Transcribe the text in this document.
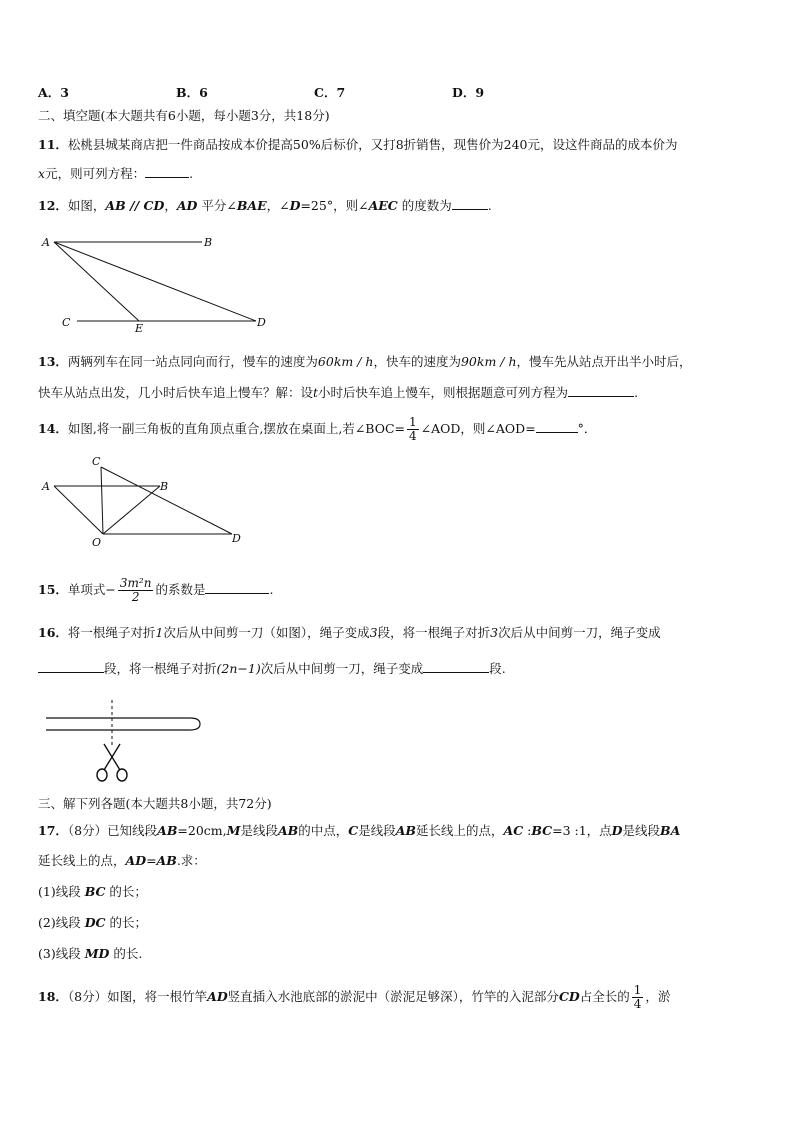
A．3	B．6	C．7	D．9
二、填空题(本大题共有6小题，每小题3分，共18分)
11．松桃县城某商店把一件商品按成本价提高50%后标价，又打8折销售，现售价为240元，设这件商品的成本价为
x元，则可列方程：	.
12．如图，AB // CD，AD 平分∠BAE，∠D=25°，则∠AEC 的度数为	.
A	B
C	E	D
13．两辆列车在同一站点同向而行，慢车的速度为60km / h，快车的速度为90km / h，慢车先从站点开出半小时后，
快车从站点出发，几小时后快车追上慢车？解：设t小时后快车追上慢车，则根据题意可列方程为	.
14．如图,将一副三角板的直角顶点重合,摆放在桌面上,若∠BOC= $\frac{1}{4}$ ∠AOD，则∠AOD=	°．
A	B
C
O	D
15．单项式− $\frac{\text{3m²n}}{2}$ 的系数是	.
16．将一根绳子对折1次后从中间剪一刀（如图），绳子变成3段，将一根绳子对折3次后从中间剪一刀，绳子变成
段，将一根绳子对折(2n−1)次后从中间剪一刀，绳子变成	段.
三、解下列各题(本大题共8小题，共72分)
17．（8分）已知线段AB=20cm,M是线段AB的中点，C是线段AB延长线上的点，AC :BC=3 :1，点D是线段BA
延长线上的点，AD=AB.求：
(1)线段 BC 的长；
(2)线段 DC 的长；
(3)线段 MD 的长.
18．（8分）如图，将一根竹竿AD竖直插入水池底部的淤泥中（淤泥足够深），竹竿的入泥部分CD占全长的 $\frac{1}{4}$ ，淤
